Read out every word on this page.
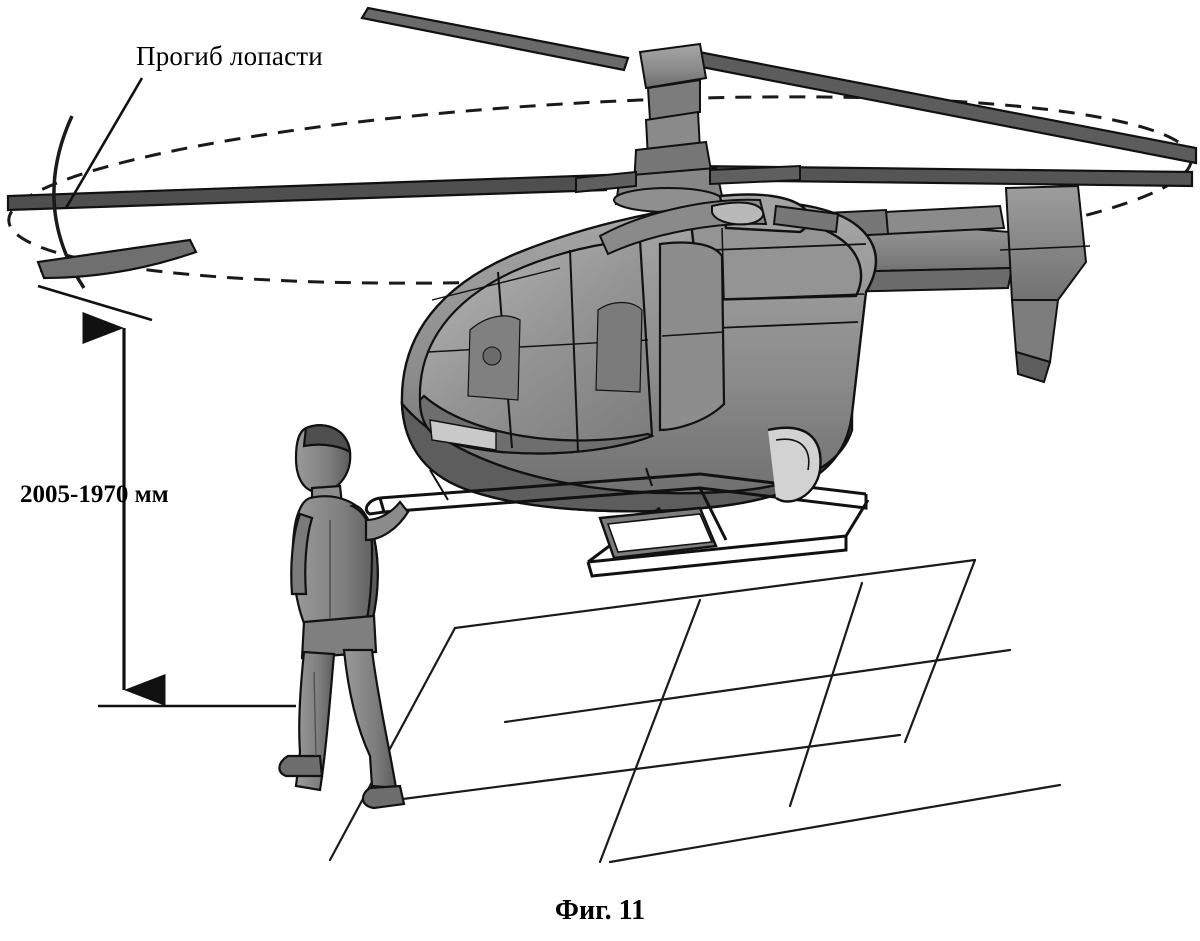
Прогиб лопасти
2005-1970 мм
Фиг. 11
